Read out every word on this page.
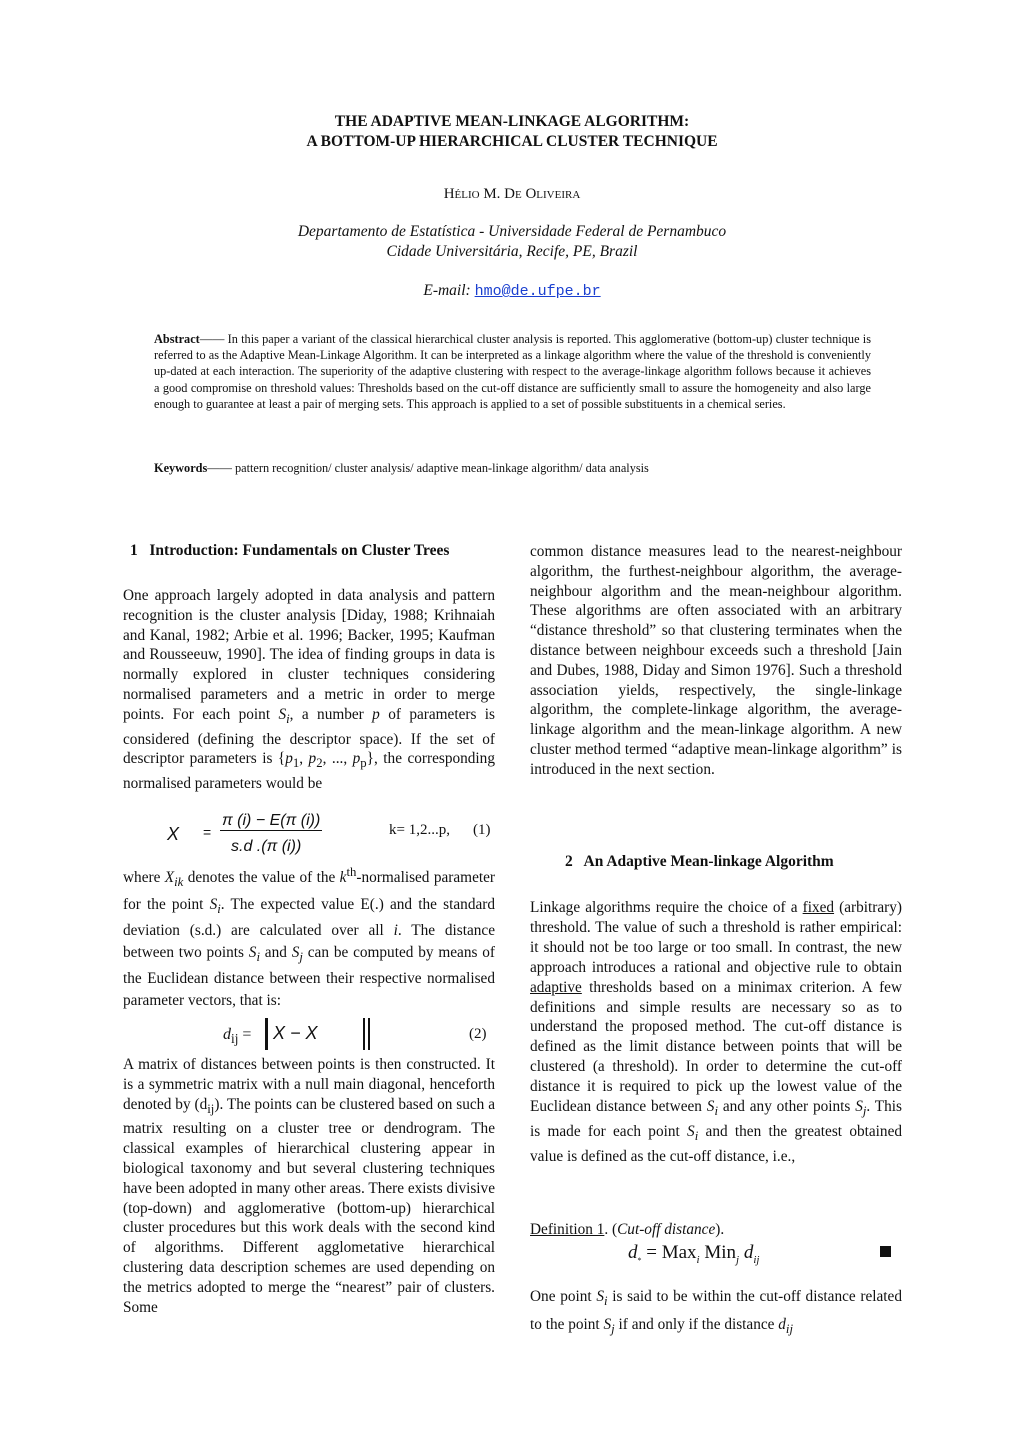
THE ADAPTIVE MEAN-LINKAGE ALGORITHM:
A BOTTOM-UP HIERARCHICAL CLUSTER TECHNIQUE
Hélio M. De Oliveira
Departamento de Estatística - Universidade Federal de Pernambuco
Cidade Universitária, Recife, PE, Brazil
E-mail: hmo@de.ufpe.br
Abstract—— In this paper a variant of the classical hierarchical cluster analysis is reported. This agglomerative (bottom-up) cluster technique is referred to as the Adaptive Mean-Linkage Algorithm. It can be interpreted as a linkage algorithm where the value of the threshold is conveniently up-dated at each interaction. The superiority of the adaptive clustering with respect to the average-linkage algorithm follows because it achieves a good compromise on threshold values: Thresholds based on the cut-off distance are sufficiently small to assure the homogeneity and also large enough to guarantee at least a pair of merging sets. This approach is applied to a set of possible substituents in a chemical series.
Keywords—— pattern recognition/ cluster analysis/ adaptive mean-linkage algorithm/ data analysis
1 Introduction: Fundamentals on Cluster Trees

One approach largely adopted in data analysis and pattern recognition is the cluster analysis [Diday, 1988; Krihnaiah and Kanal, 1982; Arbie et al. 1996; Backer, 1995; Kaufman and Rousseeuw, 1990]. The idea of finding groups in data is normally explored in cluster techniques considering normalised parameters and a metric in order to merge points. For each point $S_i$, a number p of parameters is considered (defining the descriptor space). If the set of descriptor parameters is {$p_1$, $p_2$, ..., $p_p$}, the corresponding normalised parameters would be

X =
π (i) − E(π (i))
s.d .(π (i))
k= 1,2...p, (1)

where $X_{ik}$ denotes the value of the $k^{th}$-normalised parameter for the point $S_i$. The expected value E(.) and the standard deviation (s.d.) are calculated over all i. The distance between two points $S_i$ and $S_j$ can be computed by means of the Euclidean distance between their respective normalised parameter vectors, that is:

$d_{ij} = X - X$	(2)

A matrix of distances between points is then constructed. It is a symmetric matrix with a null main diagonal, henceforth denoted by $(d_{ij})$. The points can be clustered based on such a matrix resulting on a cluster tree or dendrogram. The classical examples of hierarchical clustering appear in biological taxonomy and but several clustering techniques have been adopted in many other areas. There exists divisive (top-down) and agglomerative (bottom-up) hierarchical cluster procedures but this work deals with the second kind of algorithms. Different agglometative hierarchical clustering data description schemes are used depending on the metrics adopted to merge the “nearest” pair of clusters. Some

common distance measures lead to the nearest-neighbour algorithm, the furthest-neighbour algorithm, the average-neighbour algorithm and the mean-neighbour algorithm. These algorithms are often associated with an arbitrary “distance threshold” so that clustering terminates when the distance between neighbour exceeds such a threshold [Jain and Dubes, 1988, Diday and Simon 1976]. Such a threshold association yields, respectively, the single-linkage algorithm, the complete-linkage algorithm, the average-linkage algorithm and the mean-linkage algorithm. A new cluster method termed “adaptive mean-linkage algorithm” is introduced in the next section.
2 An Adaptive Mean-linkage Algorithm

Linkage algorithms require the choice of a fixed (arbitrary) threshold. The value of such a threshold is rather empirical: it should not be too large or too small. In contrast, the new approach introduces a rational and objective rule to obtain adaptive thresholds based on a minimax criterion. A few definitions and simple results are necessary so as to understand the proposed method. The cut-off distance is defined as the limit distance between points that will be clustered (a threshold). In order to determine the cut-off distance it is required to pick up the lowest value of the Euclidean distance between $S_i$ and any other points $S_j$. This is made for each point $S_i$ and then the greatest obtained value is defined as the cut-off distance, i.e.,

Definition 1. (Cut-off distance).
$d_* = Max_i$ Min$_j$ $d_{ij}$

One point $S_i$ is said to be within the cut-off distance related to the point $S_j$ if and only if the distance $d_{ij}$
